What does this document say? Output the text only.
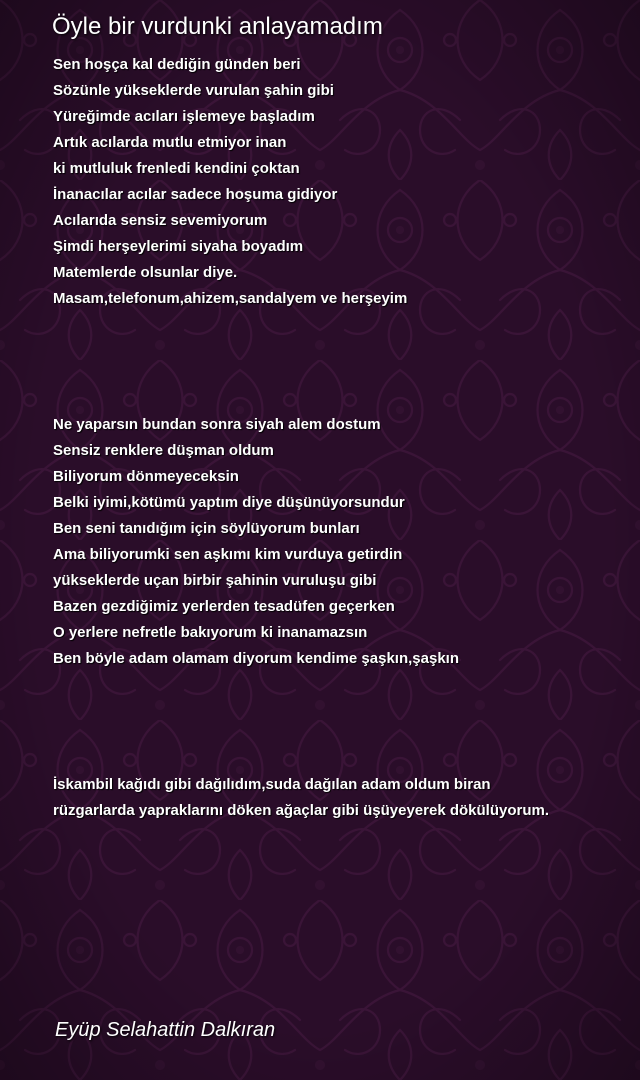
Öyle bir vurdunki anlayamadım
Sen hoşça kal dediğin günden beri
Sözünle yükseklerde vurulan şahin gibi
Yüreğimde acıları işlemeye başladım
Artık acılarda mutlu etmiyor inan
ki mutluluk frenledi kendini çoktan
İnanacılar acılar sadece hoşuma gidiyor
Acılarıda sensiz sevemiyorum
Şimdi herşeylerimi siyaha boyadım
Matemlerde olsunlar diye.
Masam,telefonum,ahizem,sandalyem ve herşeyim
Ne yaparsın bundan sonra siyah alem dostum
Sensiz renklere düşman oldum
Biliyorum dönmeyeceksin
Belki iyimi,kötümü yaptım diye düşünüyorsundur
Ben seni tanıdığım için söylüyorum bunları
Ama biliyorumki sen aşkımı kim vurduya getirdin
yükseklerde uçan birbir şahinin vuruluşu gibi
Bazen gezdiğimiz yerlerden tesadüfen geçerken
O yerlere nefretle bakıyorum ki inanamazsın
Ben böyle adam olamam diyorum kendime şaşkın,şaşkın
İskambil kağıdı gibi dağılıdım,suda dağılan adam oldum biran
rüzgarlarda yapraklarını döken ağaçlar gibi üşüyeyerek dökülüyorum.
Eyüp Selahattin Dalkıran
